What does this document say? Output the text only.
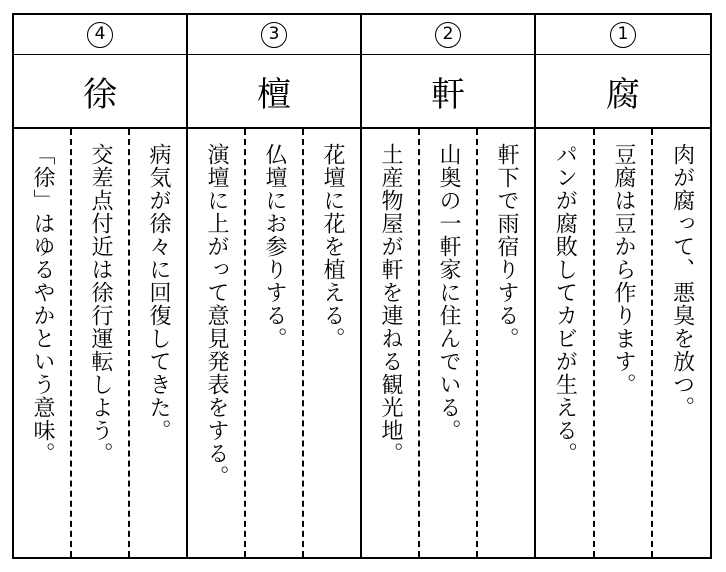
4
徐
「徐」はゆるやかという意味。 交差点付近は徐行運転しよう。 病気が徐々に回復してきた。
3
檀
演壇に上がって意見発表をする。 仏壇にお参りする。 花壇に花を植える。
2
軒
土産物屋が軒を連ねる観光地。 山奥の一軒家に住んでいる。 軒下で雨宿りする。
1
腐
パンが腐敗してカビが生える。 豆腐は豆から作ります。 肉が腐って、悪臭を放つ。
